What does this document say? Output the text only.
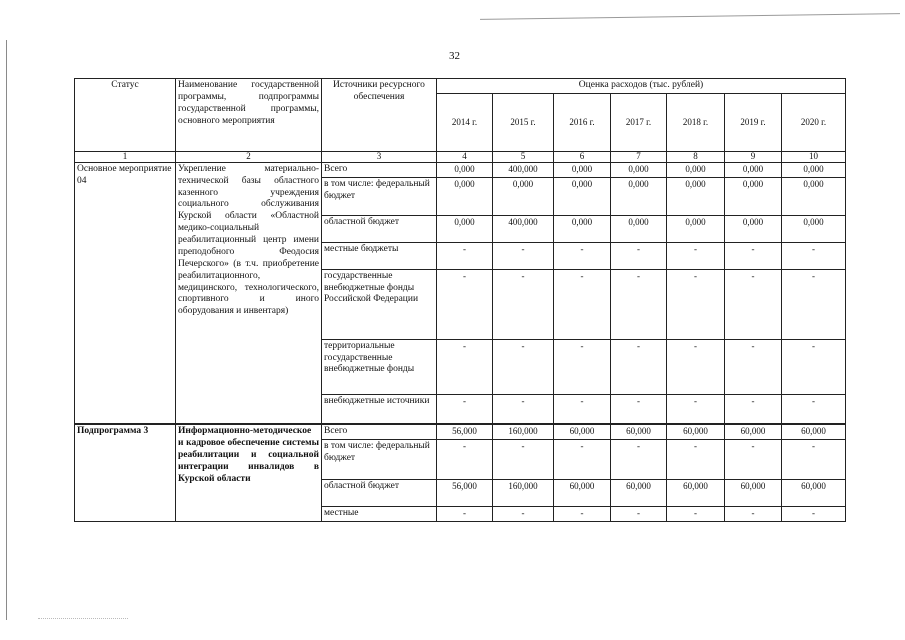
32
Статус	Наименование государственной программы, подпрограммы государственной программы, основного мероприятия	Источники ресурсного обеспечения	Оценка расходов (тыс. рублей)						
			2014 г.	2015 г.	2016 г.	2017 г.	2018 г.	2019 г.	2020 г.
1	2	3	4	5	6	7	8	9	10
Основное мероприятие 04	Укрепление материально-технической базы областного казенного учреждения социального обслуживания Курской области «Областной медико-социальный реабилитационный центр имени преподобного Феодосия Печерского» (в т.ч. приобретение реабилитационного, медицинского, технологического, спортивного и иного оборудования и инвентаря)	Всего	0,000	400,000	0,000	0,000	0,000	0,000	0,000
		в том числе: федеральный бюджет	0,000	0,000	0,000	0,000	0,000	0,000	0,000
		областной бюджет	0,000	400,000	0,000	0,000	0,000	0,000	0,000
		местные бюджеты	-	-	-	-	-	-	-
		государственные внебюджетные фонды Российской Федерации	-	-	-	-	-	-	-
		территориальные государственные внебюджетные фонды	-	-	-	-	-	-	-
		внебюджетные источники	-	-	-	-	-	-	-
Подпрограмма 3	Информационно-методическое и кадровое обеспечение системы реабилитации и социальной интеграции инвалидов в Курской области	Всего	56,000	160,000	60,000	60,000	60,000	60,000	60,000
		в том числе: федеральный бюджет	-	-	-	-	-	-	-
		областной бюджет	56,000	160,000	60,000	60,000	60,000	60,000	60,000
		местные	-	-	-	-	-	-	-
